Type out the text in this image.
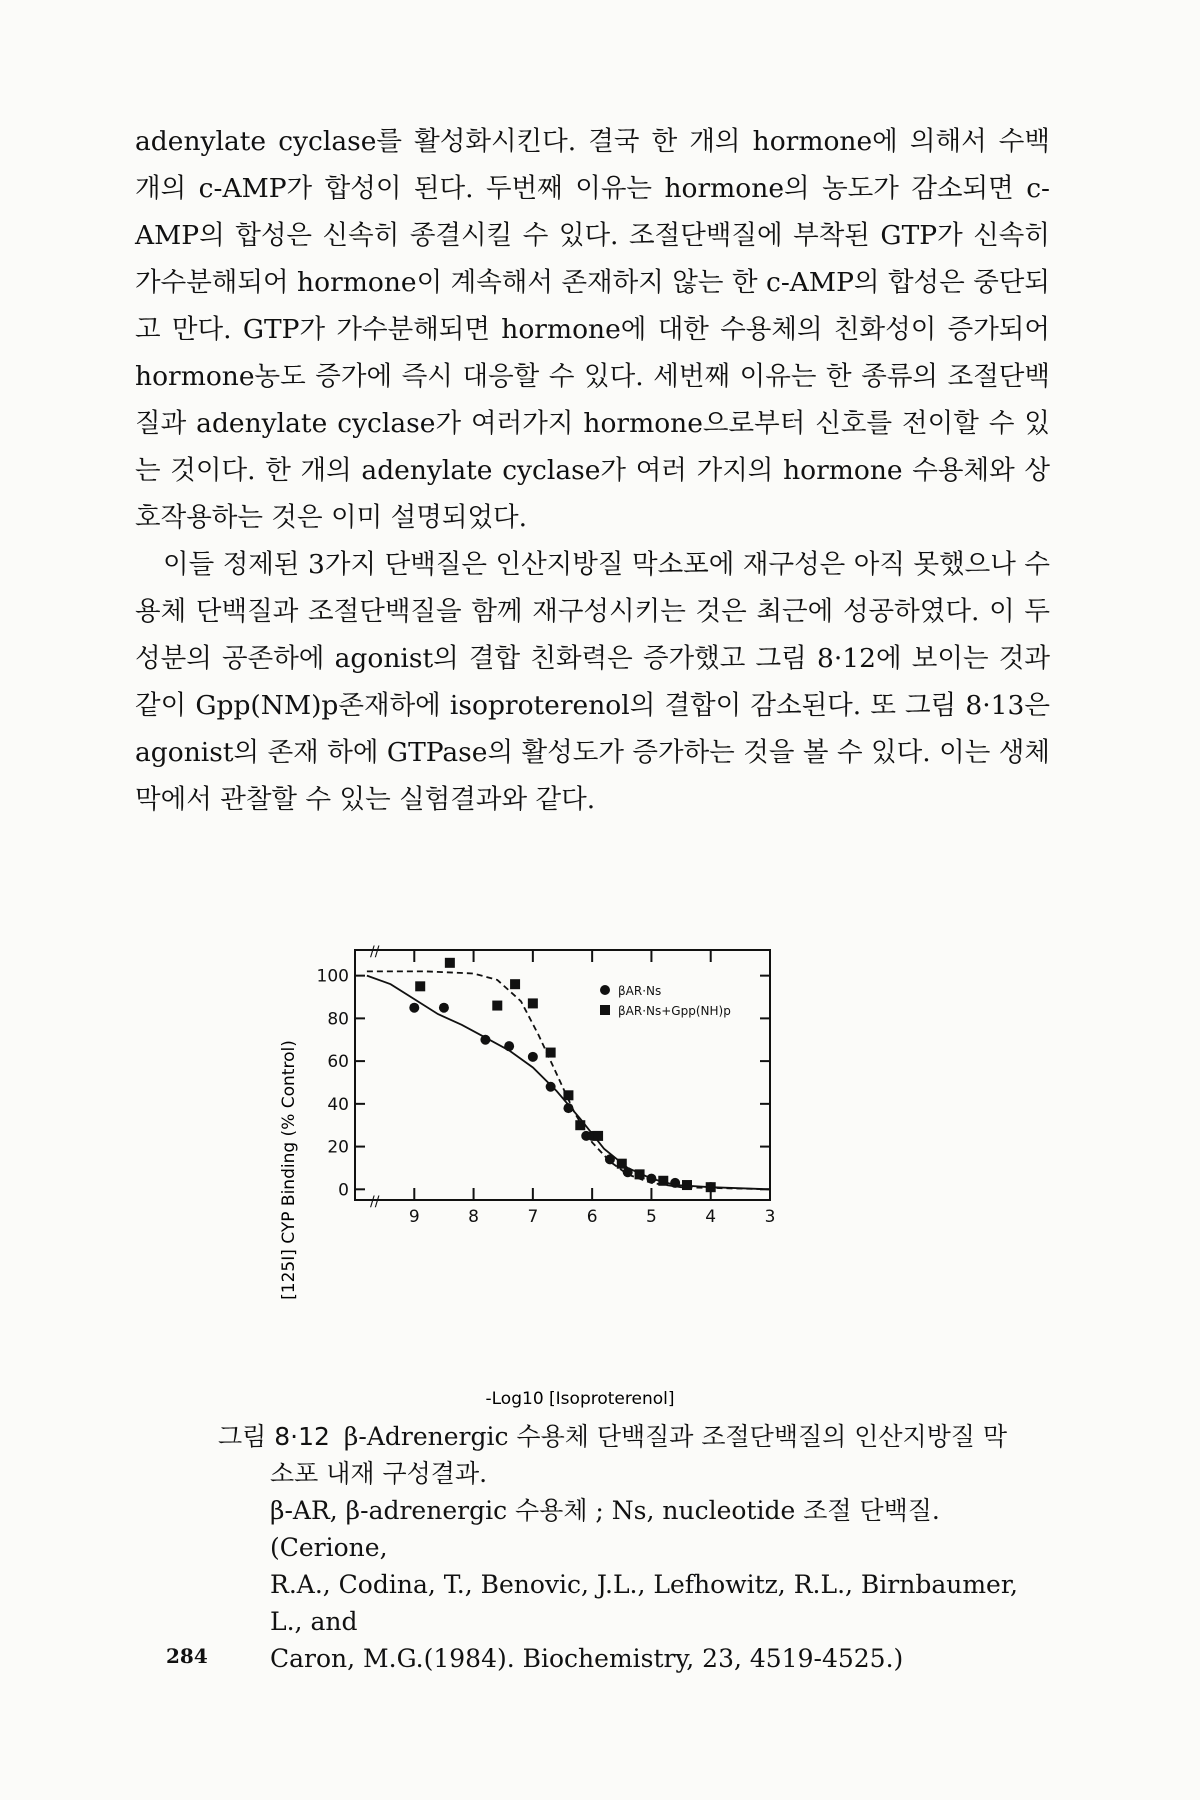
adenylate cyclase를 활성화시킨다. 결국 한 개의 hormone에 의해서 수백 개의 c-AMP가 합성이 된다. 두번째 이유는 hormone의 농도가 감소되면 c-AMP의 합성은 신속히 종결시킬 수 있다. 조절단백질에 부착된 GTP가 신속히 가수분해되어 hormone이 계속해서 존재하지 않는 한 c-AMP의 합성은 중단되고 만다. GTP가 가수분해되면 hormone에 대한 수용체의 친화성이 증가되어 hormone농도 증가에 즉시 대응할 수 있다. 세번째 이유는 한 종류의 조절단백질과 adenylate cyclase가 여러가지 hormone으로부터 신호를 전이할 수 있는 것이다. 한 개의 adenylate cyclase가 여러 가지의 hormone 수용체와 상호작용하는 것은 이미 설명되었다.

이들 정제된 3가지 단백질은 인산지방질 막소포에 재구성은 아직 못했으나 수용체 단백질과 조절단백질을 함께 재구성시키는 것은 최근에 성공하였다. 이 두 성분의 공존하에 agonist의 결합 친화력은 증가했고 그림 8·12에 보이는 것과 같이 Gpp(NM)p존재하에 isoproterenol의 결합이 감소된다. 또 그림 8·13은 agonist의 존재 하에 GTPase의 활성도가 증가하는 것을 볼 수 있다. 이는 생체막에서 관찰할 수 있는 실험결과와 같다.

//
//
9	8	7	6	5	4	3
0
20
40
60
80
100
βAR·Ns
βAR·Ns+Gpp(NH)p
[125I] CYP Binding (% Control)
-Log10 [Isoproterenol]
그림 8·12 β-Adrenergic 수용체 단백질과 조절단백질의 인산지방질 막
소포 내재 구성결과.
β-AR, β-adrenergic 수용체 ; Ns, nucleotide 조절 단백질. (Cerione,
R.A., Codina, T., Benovic, J.L., Lefhowitz, R.L., Birnbaumer, L., and
Caron, M.G.(1984). Biochemistry, 23, 4519-4525.)
284
